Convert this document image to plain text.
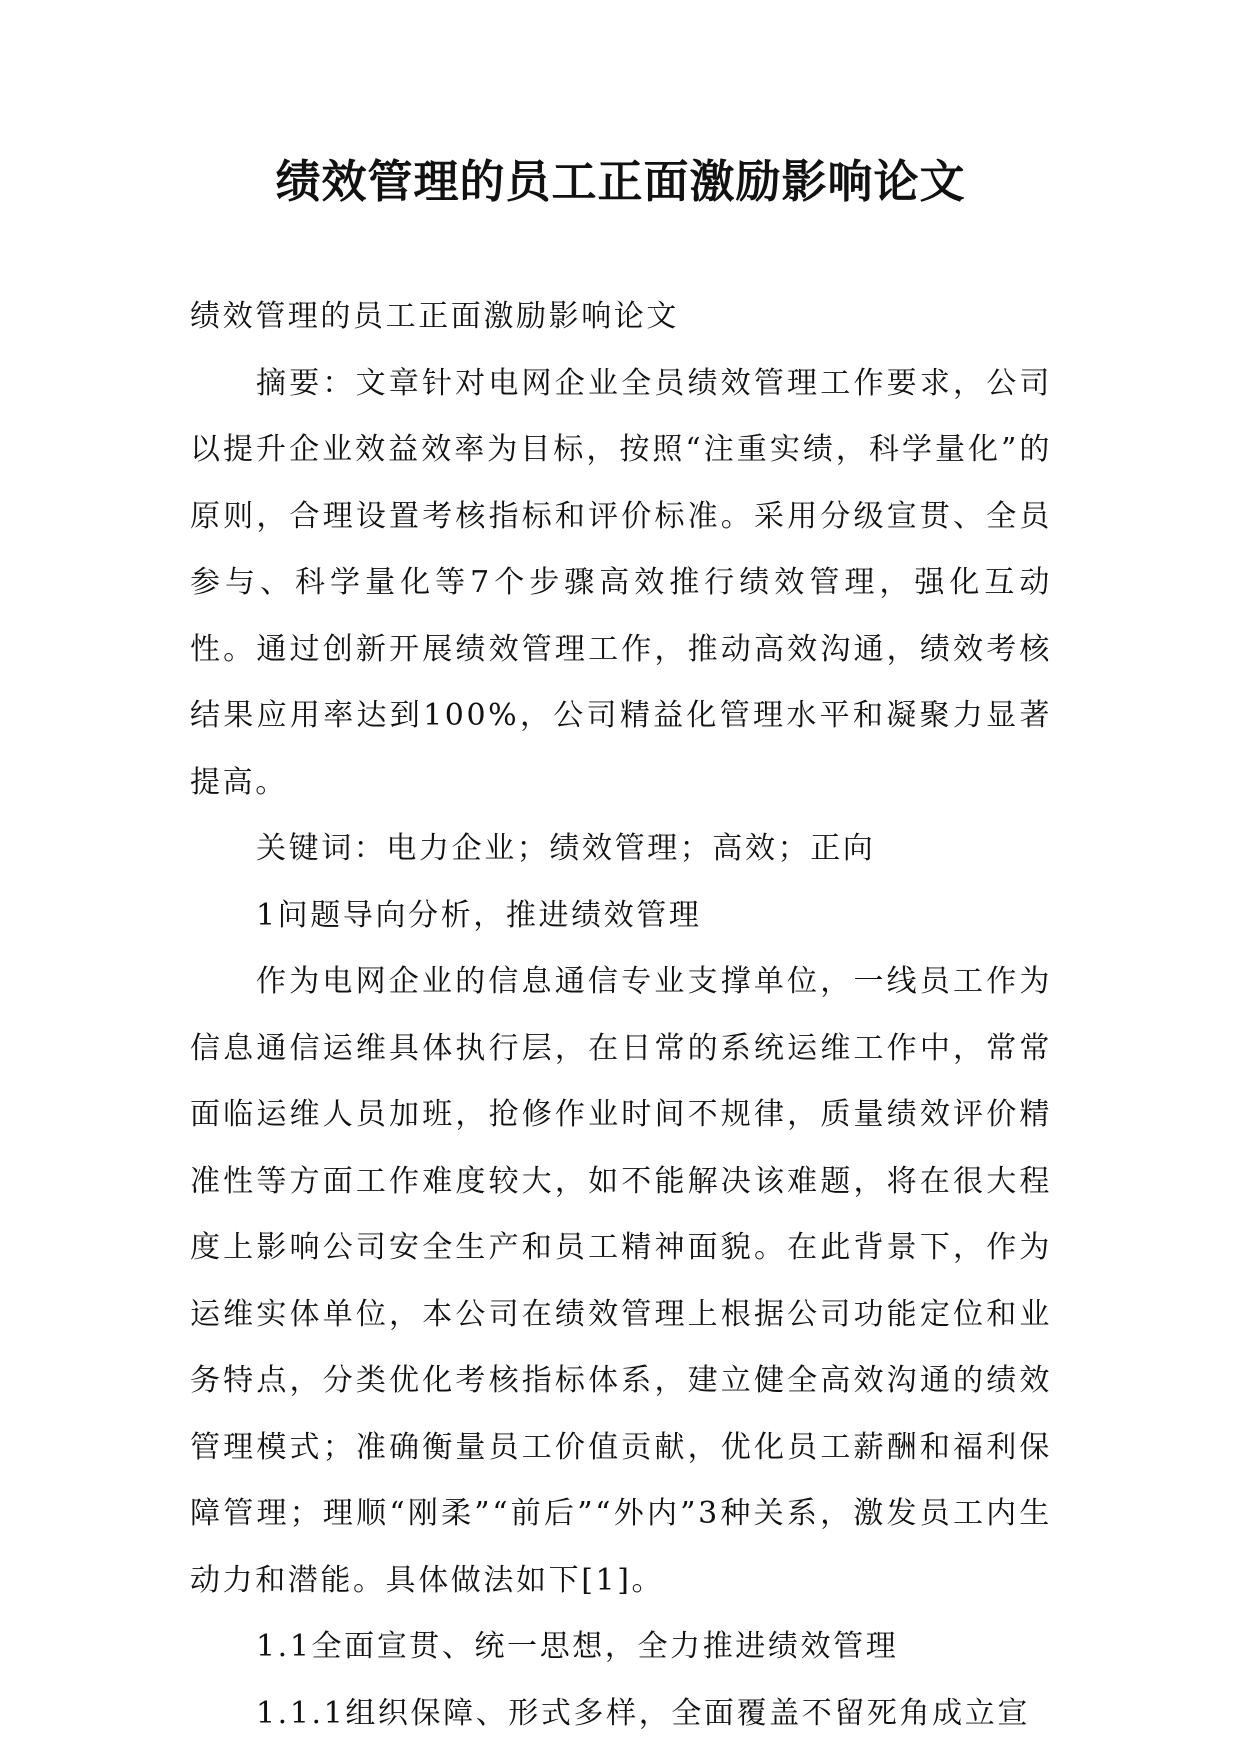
绩效管理的员工正面激励影响论文

绩效管理的员工正面激励影响论文

摘要：文章针对电网企业全员绩效管理工作要求，公司以提升企业效益效率为目标，按照“注重实绩，科学量化”的原则，合理设置考核指标和评价标准。采用分级宣贯、全员参与、科学量化等7个步骤高效推行绩效管理，强化互动性。通过创新开展绩效管理工作，推动高效沟通，绩效考核结果应用率达到100%，公司精益化管理水平和凝聚力显著提高。

关键词：电力企业；绩效管理；高效；正向

1问题导向分析，推进绩效管理

作为电网企业的信息通信专业支撑单位，一线员工作为信息通信运维具体执行层，在日常的系统运维工作中，常常面临运维人员加班，抢修作业时间不规律，质量绩效评价精准性等方面工作难度较大，如不能解决该难题，将在很大程度上影响公司安全生产和员工精神面貌。在此背景下，作为运维实体单位，本公司在绩效管理上根据公司功能定位和业务特点，分类优化考核指标体系，建立健全高效沟通的绩效管理模式；准确衡量员工价值贡献，优化员工薪酬和福利保障管理；理顺“刚柔”“前后”“外内”3种关系，激发员工内生动力和潜能。具体做法如下[1]。

1.1全面宣贯、统一思想，全力推进绩效管理

1.1.1组织保障、形式多样，全面覆盖不留死角成立宣
